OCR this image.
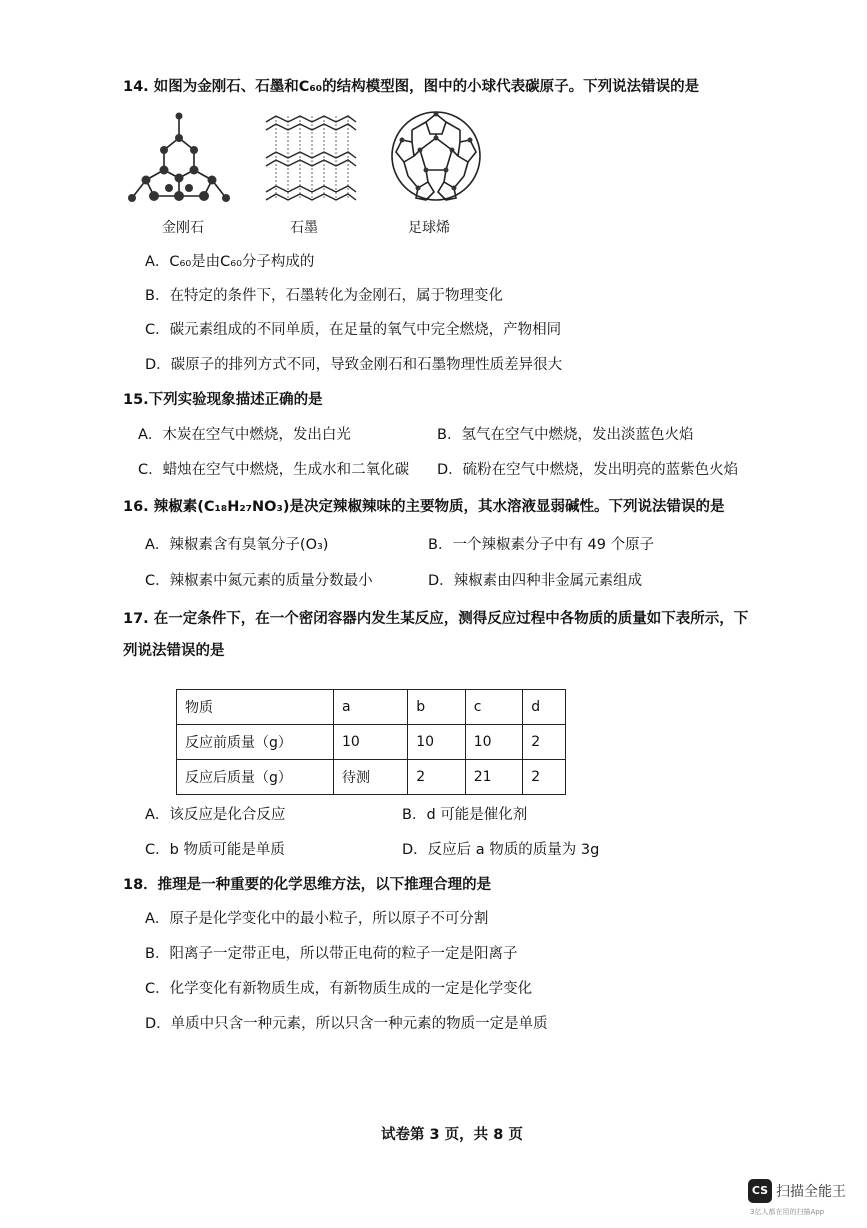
14. 如图为金刚石、石墨和C₆₀的结构模型图，图中的小球代表碳原子。下列说法错误的是
金刚石	石墨	足球烯
A．C₆₀是由C₆₀分子构成的
B．在特定的条件下，石墨转化为金刚石，属于物理变化
C．碳元素组成的不同单质，在足量的氧气中完全燃烧，产物相同
D．碳原子的排列方式不同，导致金刚石和石墨物理性质差异很大
15.下列实验现象描述正确的是
A．木炭在空气中燃烧，发出白光	B．氢气在空气中燃烧，发出淡蓝色火焰
C．蜡烛在空气中燃烧，生成水和二氧化碳 D．硫粉在空气中燃烧，发出明亮的蓝紫色火焰
16. 辣椒素(C₁₈H₂₇NO₃)是决定辣椒辣味的主要物质，其水溶液显弱碱性。下列说法错误的是
A．辣椒素含有臭氧分子(O₃)	B．一个辣椒素分子中有 49 个原子
C．辣椒素中氮元素的质量分数最小	D．辣椒素由四种非金属元素组成
17. 在一定条件下，在一个密闭容器内发生某反应，测得反应过程中各物质的质量如下表所示，下
列说法错误的是
物质	a	b	c	d
反应前质量（g）	10	10	10	2
反应后质量（g）	待测	2	21	2
A．该反应是化合反应	B．d 可能是催化剂
C．b 物质可能是单质	D．反应后 a 物质的质量为 3g
18．推理是一种重要的化学思维方法，以下推理合理的是
A．原子是化学变化中的最小粒子，所以原子不可分割
B．阳离子一定带正电，所以带正电荷的粒子一定是阳离子
C．化学变化有新物质生成，有新物质生成的一定是化学变化
D．单质中只含一种元素，所以只含一种元素的物质一定是单质
试卷第 3 页，共 8 页
CS 扫描全能王
3亿人都在用的扫描App
